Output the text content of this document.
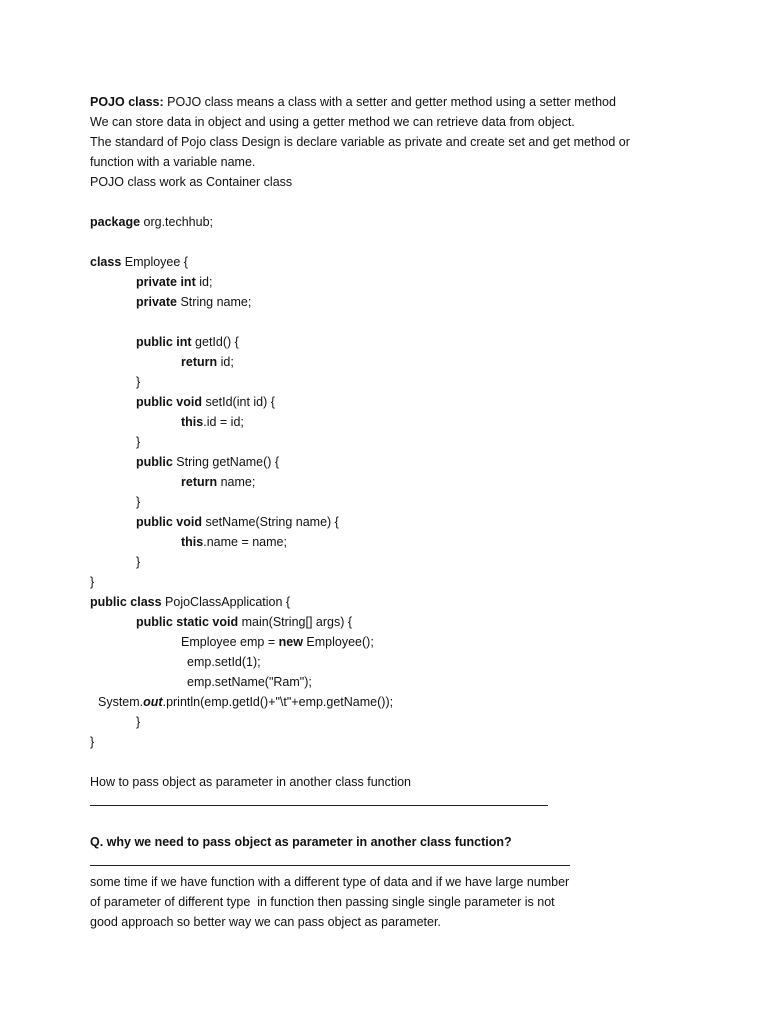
POJO class: POJO class means a class with a setter and getter method using a setter method
We can store data in object and using a getter method we can retrieve data from object.
The standard of Pojo class Design is declare variable as private and create set and get method or
function with a variable name.
POJO class work as Container class
package org.techhub;
class Employee {
private int id;
private String name;
public int getId() {
return id;
}
public void setId(int id) {
this.id = id;
}
public String getName() {
return name;
}
public void setName(String name) {
this.name = name;
}
}
public class PojoClassApplication {
public static void main(String[] args) {
Employee emp = new Employee();
emp.setId(1);
emp.setName("Ram");
System.out.println(emp.getId()+"\t"+emp.getName());
}
}
How to pass object as parameter in another class function
Q. why we need to pass object as parameter in another class function?
some time if we have function with a different type of data and if we have large number
of parameter of different type  in function then passing single single parameter is not
good approach so better way we can pass object as parameter.
